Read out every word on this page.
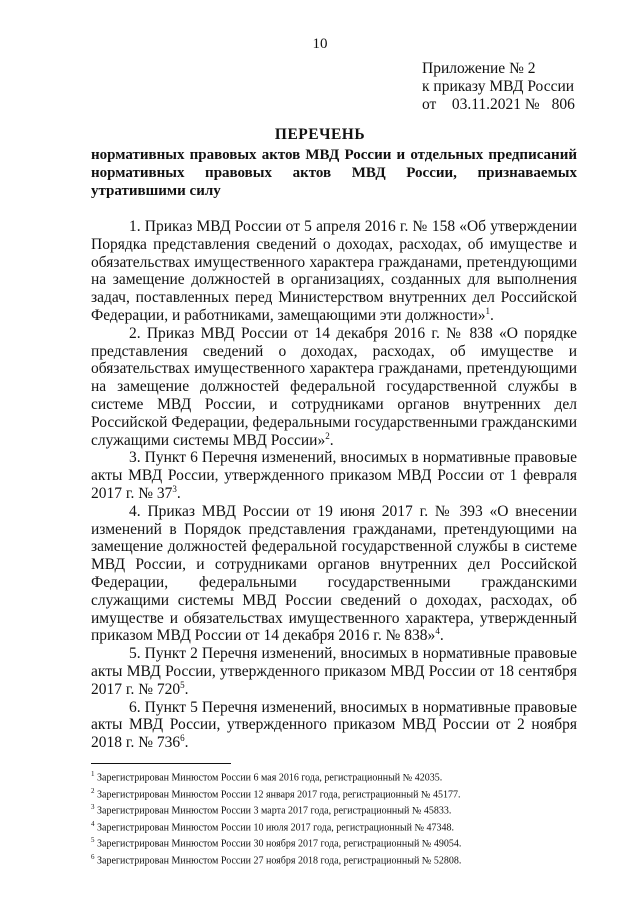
10
Приложение № 2
к приказу МВД России
от 03.11.2021 № 806
ПЕРЕЧЕНЬ
нормативных правовых актов МВД России и отдельных предписаний нормативных правовых актов МВД России, признаваемых утратившими силу

1. Приказ МВД России от 5 апреля 2016 г. № 158 «Об утверждении Порядка представления сведений о доходах, расходах, об имуществе и обязательствах имущественного характера гражданами, претендующими на замещение должностей в организациях, созданных для выполнения задач, поставленных перед Министерством внутренних дел Российской Федерации, и работниками, замещающими эти должности»$^1$.

2. Приказ МВД России от 14 декабря 2016 г. № 838 «О порядке представления сведений о доходах, расходах, об имуществе и обязательствах имущественного характера гражданами, претендующими на замещение должностей федеральной государственной службы в системе МВД России, и сотрудниками органов внутренних дел Российской Федерации, федеральными государственными гражданскими служащими системы МВД России»$^2$.

3. Пункт 6 Перечня изменений, вносимых в нормативные правовые акты МВД России, утвержденного приказом МВД России от 1 февраля 2017 г. № $37^3$.

4. Приказ МВД России от 19 июня 2017 г. № 393 «О внесении изменений в Порядок представления гражданами, претендующими на замещение должностей федеральной государственной службы в системе МВД России, и сотрудниками органов внутренних дел Российской Федерации, федеральными государственными гражданскими служащими системы МВД России сведений о доходах, расходах, об имуществе и обязательствах имущественного характера, утвержденный приказом МВД России от 14 декабря 2016 г. № 838»$^4$.

5. Пункт 2 Перечня изменений, вносимых в нормативные правовые акты МВД России, утвержденного приказом МВД России от 18 сентября 2017 г. № $720^5$.

6. Пункт 5 Перечня изменений, вносимых в нормативные правовые акты МВД России, утвержденного приказом МВД России от 2 ноября 2018 г. № $736^6$.

$^1$ Зарегистрирован Минюстом России 6 мая 2016 года, регистрационный № 42035.
$^2$ Зарегистрирован Минюстом России 12 января 2017 года, регистрационный № 45177.
$^3$ Зарегистрирован Минюстом России 3 марта 2017 года, регистрационный № 45833.
$^4$ Зарегистрирован Минюстом России 10 июля 2017 года, регистрационный № 47348.
$^5$ Зарегистрирован Минюстом России 30 ноября 2017 года, регистрационный № 49054.
$^6$ Зарегистрирован Минюстом России 27 ноября 2018 года, регистрационный № 52808.
